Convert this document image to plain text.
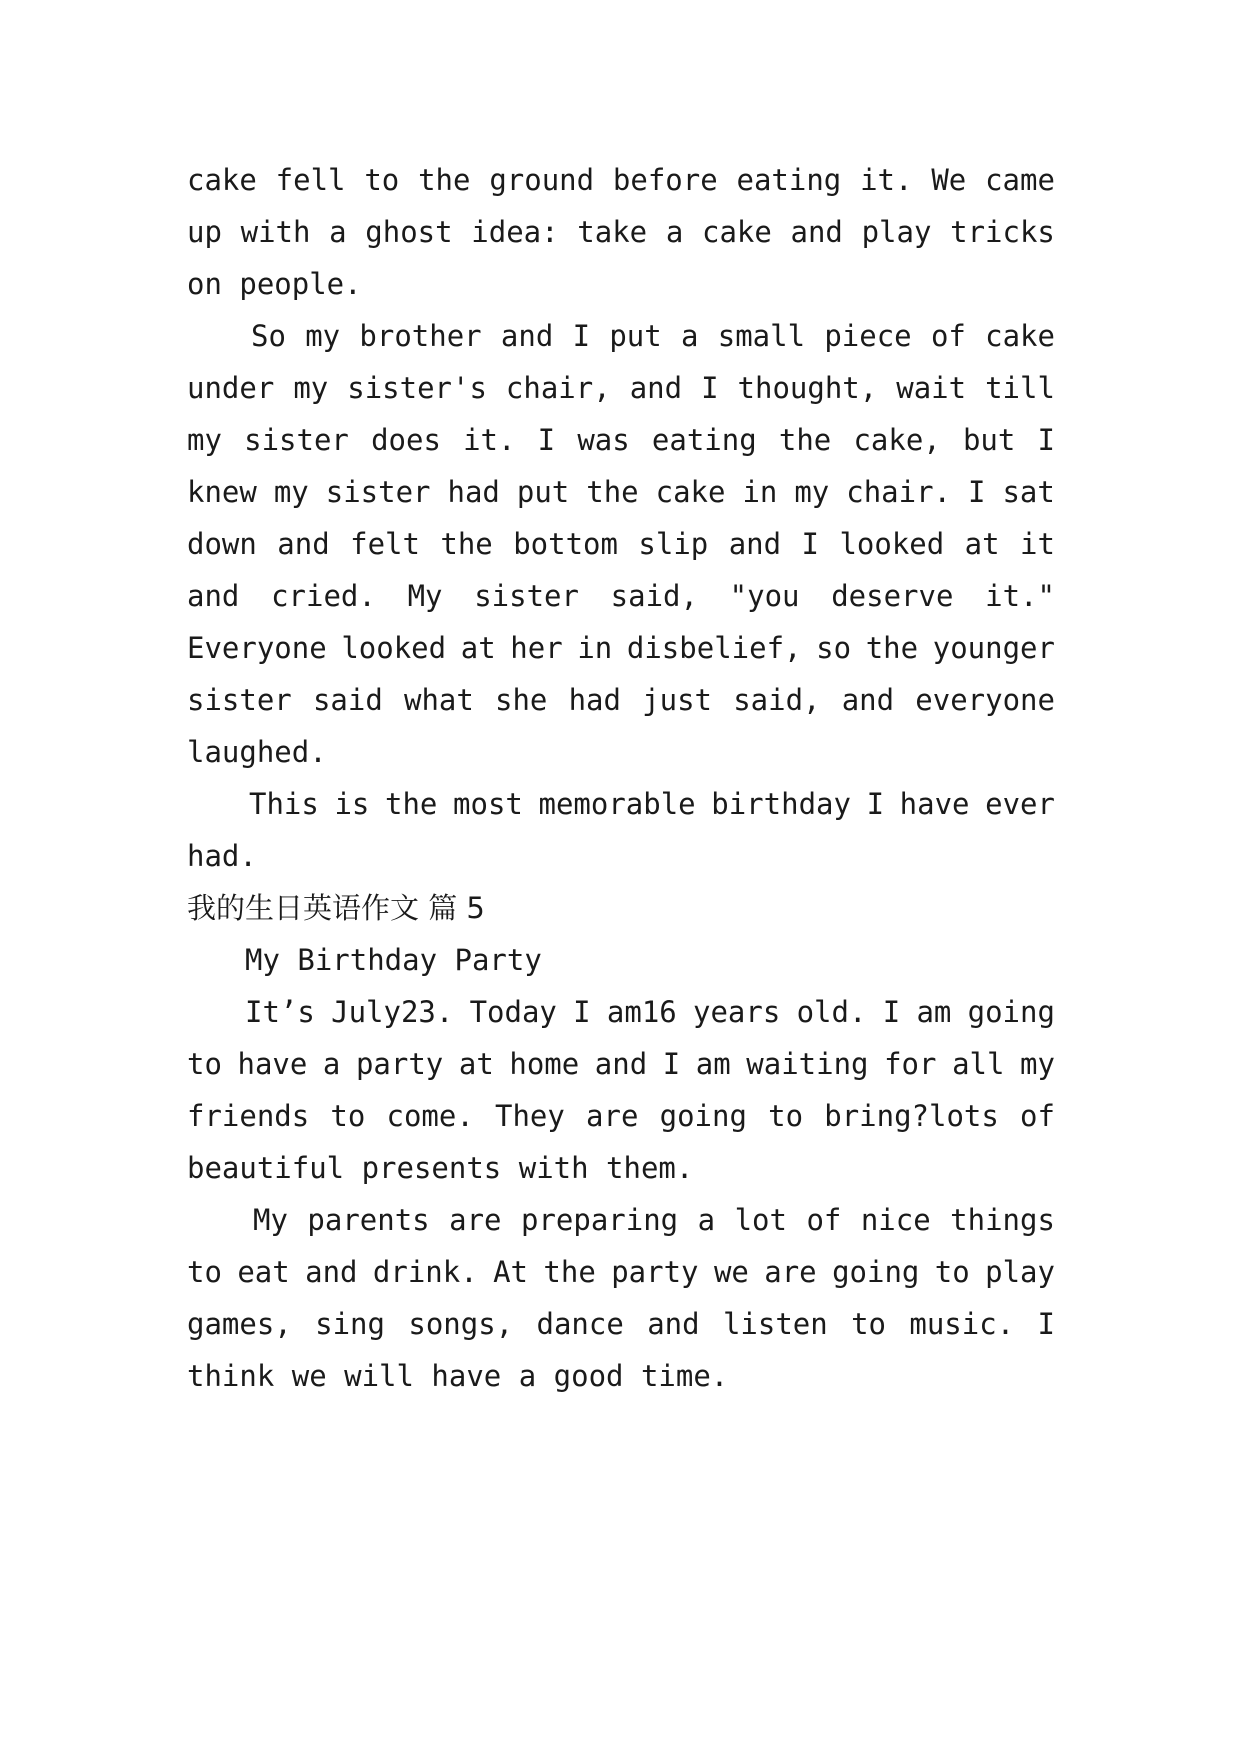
cake fell to the ground before eating it. We came
up with a ghost idea: take a cake and play tricks
on people.
So my brother and I put a small piece of cake
under my sister's chair, and I thought, wait till
my sister does it. I was eating the cake, but I
knew my sister had put the cake in my chair. I sat
down and felt the bottom slip and I looked at it
and cried. My sister said, "you deserve it."
Everyone looked at her in disbelief, so the younger
sister said what she had just said, and everyone
laughed.
This is the most memorable birthday I have ever
had.
我的生日英语作文 篇 5
My Birthday Party
It’s July23. Today I am16 years old. I am going
to have a party at home and I am waiting for all my
friends to come. They are going to bring?lots of
beautiful presents with them.
My parents are preparing a lot of nice things
to eat and drink. At the party we are going to play
games, sing songs, dance and listen to music. I
think we will have a good time.
